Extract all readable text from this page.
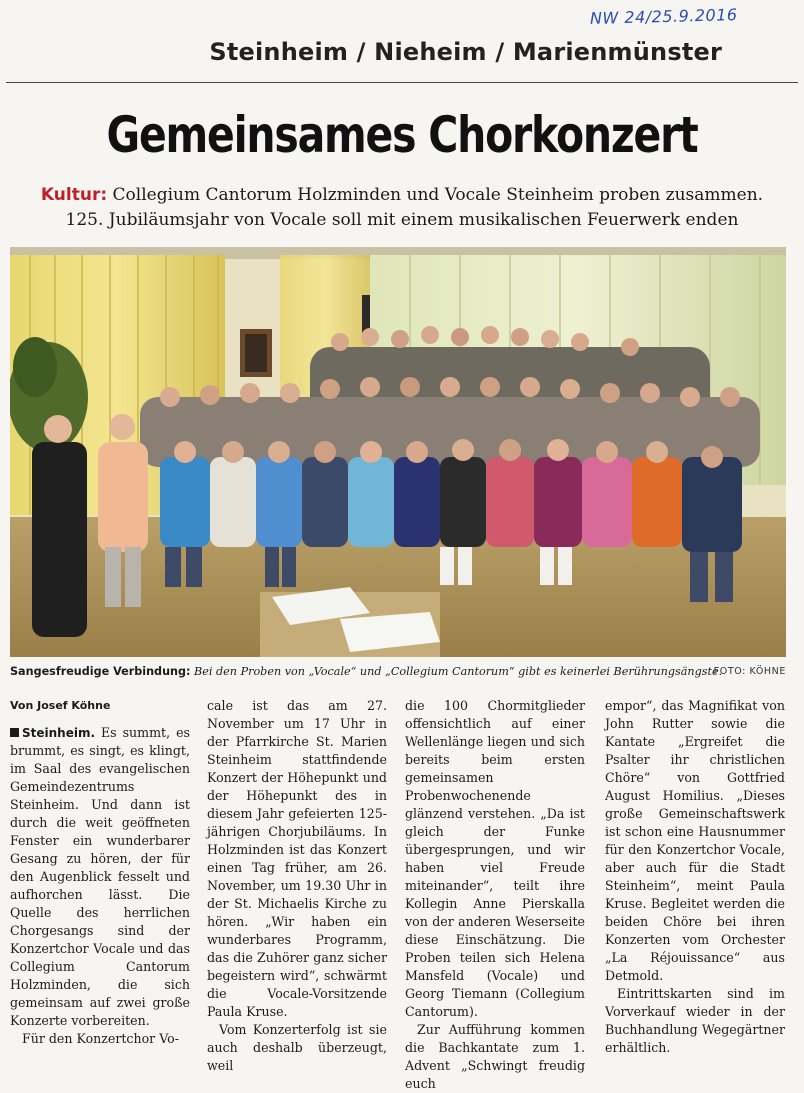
NW 24/25.9.2016
Steinheim / Nieheim / Marienmünster
Gemeinsames Chorkonzert
Kultur: Collegium Cantorum Holzminden und Vocale Steinheim proben zusammen.
125. Jubiläumsjahr von Vocale soll mit einem musikalischen Feuerwerk enden
Sangesfreudige Verbindung: Bei den Proben von „Vocale“ und „Collegium Cantorum“ gibt es keinerlei Berührungsängste.
FOTO: KÖHNE

Von Josef Köhne

Steinheim. Es summt, es brummt, es singt, es klingt, im Saal des evangelischen Gemeindezentrums Steinheim. Und dann ist durch die weit geöffneten Fenster ein wunderbarer Gesang zu hören, der für den Augenblick fesselt und aufhorchen lässt. Die Quelle des herrlichen Chorgesangs sind der Konzertchor Vocale und das Collegium Cantorum Holzminden, die sich gemeinsam auf zwei große Konzerte vorbereiten.

Für den Konzertchor Vo-

cale ist das am 27. November um 17 Uhr in der Pfarrkirche St. Marien Steinheim stattfindende Konzert der Höhepunkt und der Höhepunkt des in diesem Jahr gefeierten 125-jährigen Chorjubiläums. In Holzminden ist das Konzert einen Tag früher, am 26. November, um 19.30 Uhr in der St. Michaelis Kirche zu hören. „Wir haben ein wunderbares Programm, das die Zuhörer ganz sicher begeistern wird“, schwärmt die Vocale-Vorsitzende Paula Kruse.

Vom Konzerterfolg ist sie auch deshalb überzeugt, weil

die 100 Chormitglieder offensichtlich auf einer Wellenlänge liegen und sich bereits beim ersten gemeinsamen Probenwochenende glänzend verstehen. „Da ist gleich der Funke übergesprungen, und wir haben viel Freude miteinander“, teilt ihre Kollegin Anne Pierskalla von der anderen Weserseite diese Einschätzung. Die Proben teilen sich Helena Mansfeld (Vocale) und Georg Tiemann (Collegium Cantorum).

Zur Aufführung kommen die Bachkantate zum 1. Advent „Schwingt freudig euch

empor“, das Magnifikat von John Rutter sowie die Kantate „Ergreifet die Psalter ihr christlichen Chöre“ von Gottfried August Homilius. „Dieses große Gemeinschaftswerk ist schon eine Hausnummer für den Konzertchor Vocale, aber auch für die Stadt Steinheim“, meint Paula Kruse. Begleitet werden die beiden Chöre bei ihren Konzerten vom Orchester „La Réjouissance“ aus Detmold.

Eintrittskarten sind im Vorverkauf wieder in der Buchhandlung Wegegärtner erhältlich.
